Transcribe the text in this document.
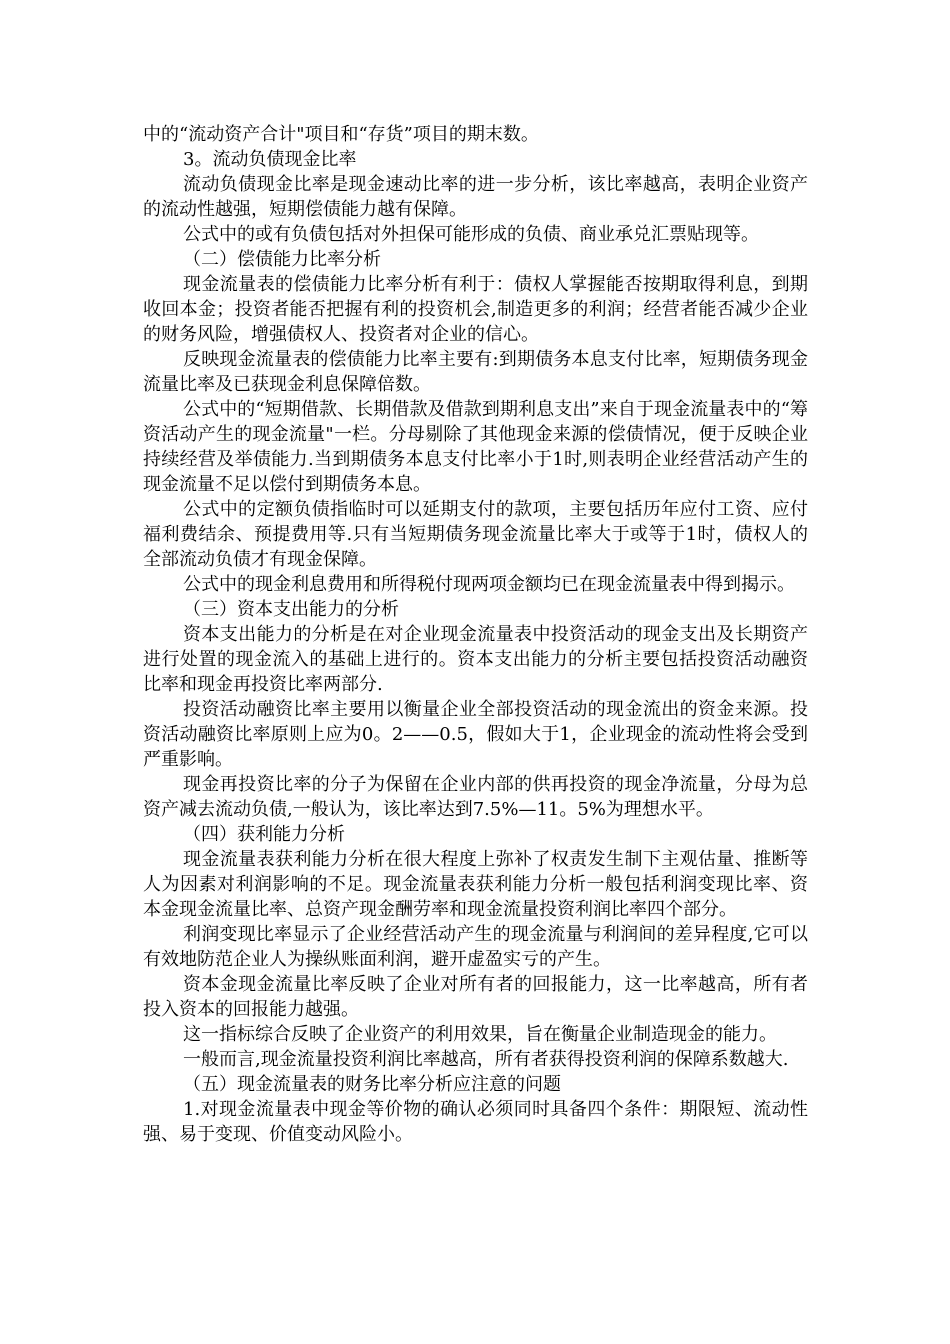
中的“流动资产合计"项目和“存货”项目的期末数。

3。流动负债现金比率

流动负债现金比率是现金速动比率的进一步分析，该比率越高，表明企业资产的流动性越强，短期偿债能力越有保障。

公式中的或有负债包括对外担保可能形成的负债、商业承兑汇票贴现等。

（二）偿债能力比率分析

现金流量表的偿债能力比率分析有利于：债权人掌握能否按期取得利息，到期收回本金；投资者能否把握有利的投资机会,制造更多的利润；经营者能否减少企业的财务风险，增强债权人、投资者对企业的信心。

反映现金流量表的偿债能力比率主要有:到期债务本息支付比率，短期债务现金流量比率及已获现金利息保障倍数。

公式中的“短期借款、长期借款及借款到期利息支出”来自于现金流量表中的“筹资活动产生的现金流量"一栏。分母剔除了其他现金来源的偿债情况，便于反映企业持续经营及举债能力.当到期债务本息支付比率小于1时,则表明企业经营活动产生的现金流量不足以偿付到期债务本息。

公式中的定额负债指临时可以延期支付的款项，主要包括历年应付工资、应付福利费结余、预提费用等.只有当短期债务现金流量比率大于或等于1时，债权人的全部流动负债才有现金保障。

公式中的现金利息费用和所得税付现两项金额均已在现金流量表中得到揭示。

（三）资本支出能力的分析

资本支出能力的分析是在对企业现金流量表中投资活动的现金支出及长期资产进行处置的现金流入的基础上进行的。资本支出能力的分析主要包括投资活动融资比率和现金再投资比率两部分.

投资活动融资比率主要用以衡量企业全部投资活动的现金流出的资金来源。投资活动融资比率原则上应为0。2——0.5，假如大于1，企业现金的流动性将会受到严重影响。

现金再投资比率的分子为保留在企业内部的供再投资的现金净流量，分母为总资产减去流动负债,一般认为，该比率达到7.5%—11。5%为理想水平。

（四）获利能力分析

现金流量表获利能力分析在很大程度上弥补了权责发生制下主观估量、推断等人为因素对利润影响的不足。现金流量表获利能力分析一般包括利润变现比率、资本金现金流量比率、总资产现金酬劳率和现金流量投资利润比率四个部分。

利润变现比率显示了企业经营活动产生的现金流量与利润间的差异程度,它可以有效地防范企业人为操纵账面利润，避开虚盈实亏的产生。

资本金现金流量比率反映了企业对所有者的回报能力，这一比率越高，所有者投入资本的回报能力越强。

这一指标综合反映了企业资产的利用效果，旨在衡量企业制造现金的能力。

一般而言,现金流量投资利润比率越高，所有者获得投资利润的保障系数越大.

（五）现金流量表的财务比率分析应注意的问题

1.对现金流量表中现金等价物的确认必须同时具备四个条件：期限短、流动性强、易于变现、价值变动风险小。
